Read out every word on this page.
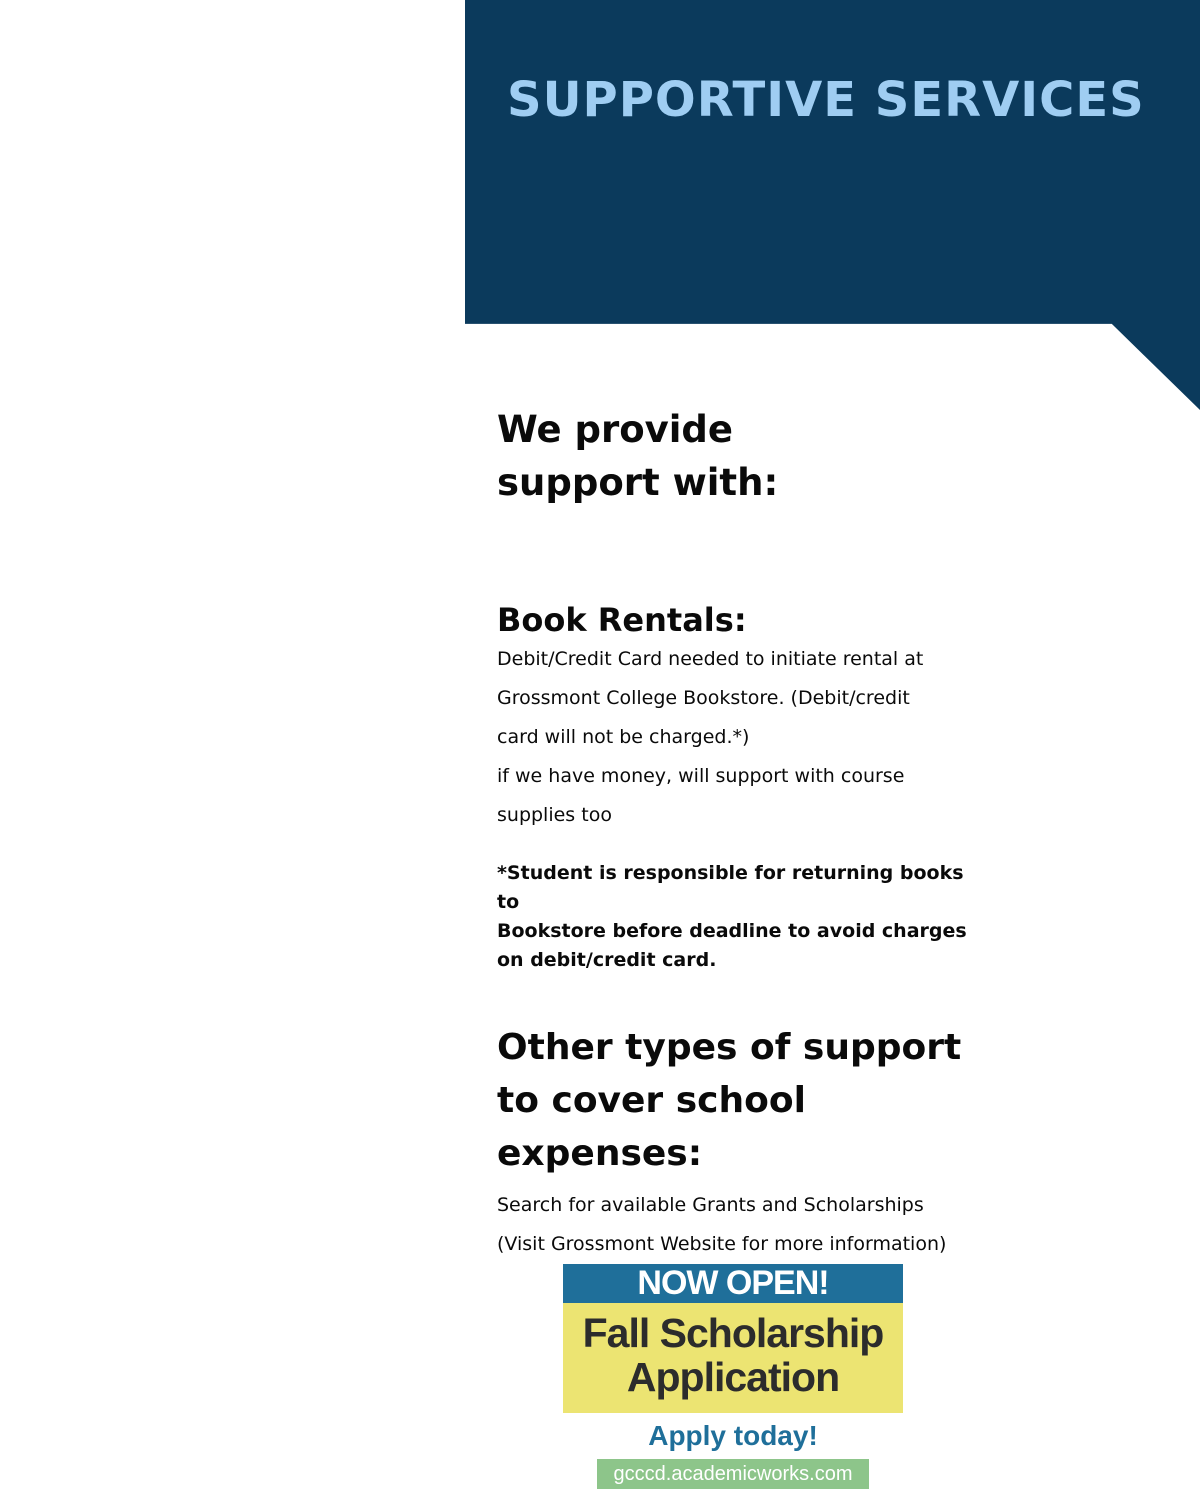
SUPPORTIVE SERVICES
We provide
support with:
Book Rentals:

Debit/Credit Card needed to initiate rental at
Grossmont College Bookstore. (Debit/credit
card will not be charged.*)
if we have money, will support with course
supplies too

*Student is responsible for returning books to
Bookstore before deadline to avoid charges
on debit/credit card.

Other types of support
to cover school
expenses:

Search for available Grants and Scholarships
(Visit Grossmont Website for more information)

NOW OPEN!
Fall Scholarship
Application
Apply today!
gcccd.academicworks.com
